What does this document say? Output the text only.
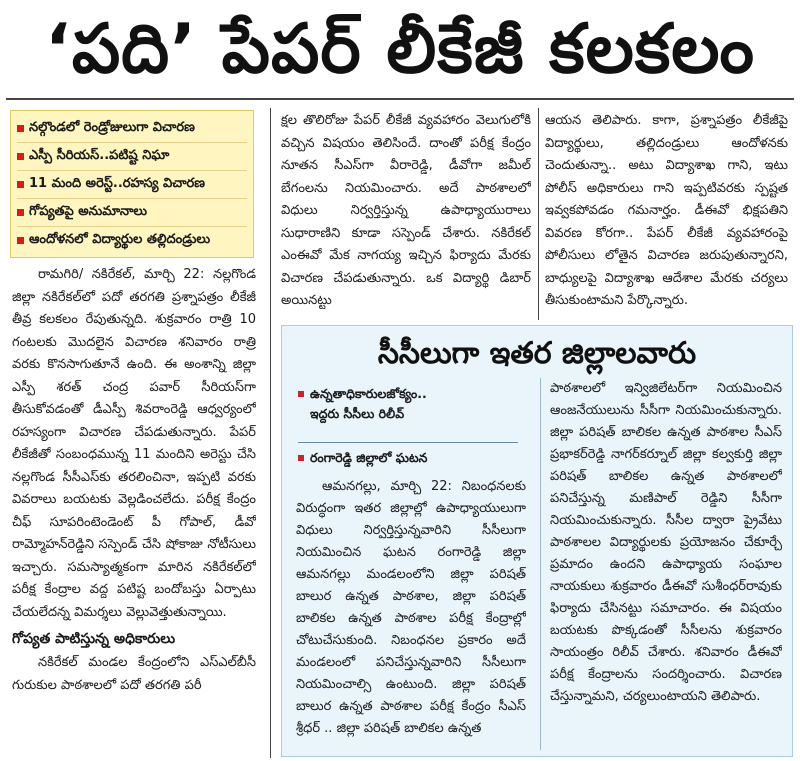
‘పది’ పేపర్ లీకేజీ కలకలం
నల్గొండలో రెండ్రోజులుగా విచారణ
ఎస్పీ సీరియస్..పటిష్ట నిఘా
11 మంది అరెస్ట్..రహస్య విచారణ
గోప్యతపై అనుమానాలు
ఆందోళనలో విద్యార్థుల తల్లిదండ్రులు

రామగిరి/ నకిరేకల్, మార్చి 22: నల్లగొండ జిల్లా నకిరేకల్‌లో పదో తరగతి ప్రశ్నాపత్రం లీకేజీ తీవ్ర కలకలం రేపుతున్నది. శుక్రవారం రాత్రి 10 గంటలకు మొదలైన విచారణ శనివారం రాత్రి వరకు కొనసాగుతూనే ఉంది. ఈ అంశాన్ని జిల్లా ఎస్పీ శరత్ చంద్ర పవార్ సీరియస్‌గా తీసుకోవడంతో డీఎస్పీ శివరాంరెడ్డి ఆధ్వర్యంలో రహస్యంగా విచారణ చేపడుతున్నారు. పేపర్ లీకేజీతో సంబంధమున్న 11 మందిని అరెస్టు చేసి నల్లగొండ సీసీఎస్‌కు తరలించినా, ఇప్పటి వరకు వివరాలు బయటకు వెల్లడించలేదు. పరీక్ష కేంద్రం చీఫ్ సూపరింటెండెంట్ పీ గోపాల్, డీవో రామ్మోహన్‌రెడ్డిని సస్పెండ్ చేసి షోకాజు నోటీసులు ఇచ్చారు. సమస్యాత్మకంగా మారిన నకిరేకల్‌లో పరీక్ష కేంద్రాల వద్ద పటిష్ట బందోబస్తు ఏర్పాటు చేయలేదన్న విమర్శలు వెల్లువెత్తుతున్నాయి.

గోప్యత పాటిస్తున్న అధికారులు

నకిరేకల్ మండల కేంద్రంలోని ఎస్ఎల్‌బీసీ గురుకుల పాఠశాలలో పదో తరగతి పరీ

క్షల తొలిరోజు పేపర్ లీకేజీ వ్యవహారం వెలుగులోకి వచ్చిన విషయం తెలిసిందే. దాంతో పరీక్ష కేంద్రం నూతన సీఎస్‌గా వీరారెడ్డి, డీవోగా జమీల్ బేగంలను నియమించారు. అదే పాఠశాలలో విధులు నిర్వర్తిస్తున్న ఉపాధ్యాయురాలు సుధారాణిని కూడా సస్పెండ్ చేశారు. నకిరేకల్ ఎంఈవో మేక నాగయ్య ఇచ్చిన ఫిర్యాదు మేరకు విచారణ చేపడుతున్నారు. ఒక విద్యార్థి డిబార్ అయినట్టు

ఆయన తెలిపారు. కాగా, ప్రశ్నాపత్రం లీకేజీపై విద్యార్థులు, తల్లిదండ్రులు ఆందోళనకు చెందుతున్నా.. అటు విద్యాశాఖ గాని, ఇటు పోలీస్ అధికారులు గాని ఇప్పటివరకు స్పష్టత ఇవ్వకపోవడం గమనార్హం. డీఈవో భిక్షపతిని వివరణ కోరగా.. పేపర్ లీకేజీ వ్యవహారంపై పోలీసులు లోతైన విచారణ జరుపుతున్నారని, బాధ్యులపై విద్యాశాఖ ఆదేశాల మేరకు చర్యలు తీసుకుంటామని పేర్కొన్నారు.

సీసీలుగా ఇతర జిల్లాలవారు
ఉన్నతాధికారులజోక్యం..
ఇద్దరు సీసీలు రిలీవ్
రంగారెడ్డి జిల్లాలో ఘటన

ఆమనగల్లు, మార్చి 22: నిబంధనలకు విరుద్ధంగా ఇతర జిల్లాల్లో ఉపాధ్యాయులుగా విధులు నిర్వర్తిస్తున్నవారిని సీసీలుగా నియమించిన ఘటన రంగారెడ్డి జిల్లా ఆమనగల్లు మండలంలోని జిల్లా పరిషత్ బాలుర ఉన్నత పాఠశాల, జిల్లా పరిషత్ బాలికల ఉన్నత పాఠశాల పరీక్ష కేంద్రాల్లో చోటుచేసుకుంది. నిబంధనల ప్రకారం అదే మండలంలో పనిచేస్తున్నవారిని సీసీలుగా నియమించాల్సి ఉంటుంది. జిల్లా పరిషత్ బాలుర ఉన్నత పాఠశాల పరీక్ష కేంద్రం సీఎస్ శ్రీధర్ .. జిల్లా పరిషత్ బాలికల ఉన్నత

పాఠశాలలో ఇన్విజిలేటర్‌గా నియమించిన ఆంజనేయులును సీసీగా నియమించుకున్నారు. జిల్లా పరిషత్ బాలికల ఉన్నత పాఠశాల సీఎస్ ప్రభాకర్‌రెడ్డి నాగర్‌కర్నూల్ జిల్లా కల్వకుర్తి జిల్లా పరిషత్ బాలికల ఉన్నత పాఠశాలలో పనిచేస్తున్న మణిపాల్ రెడ్డిని సీసీగా నియమించుకున్నారు. సీసీల ద్వారా ప్రైవేటు పాఠశాలల విద్యార్థులకు ప్రయోజనం చేకూర్చే ప్రమాదం ఉందని ఉపాధ్యాయ సంఘాల నాయకులు శుక్రవారం డీఈవో సుశీంధర్‌రావుకు ఫిర్యాదు చేసినట్టు సమాచారం. ఈ విషయం బయటకు పొక్కడంతో సీసీలను శుక్రవారం సాయంత్రం రిలీవ్ చేశారు. శనివారం డీఈవో పరీక్ష కేంద్రాలను సందర్శించారు. విచారణ చేస్తున్నామని, చర్యలుంటాయని తెలిపారు.
